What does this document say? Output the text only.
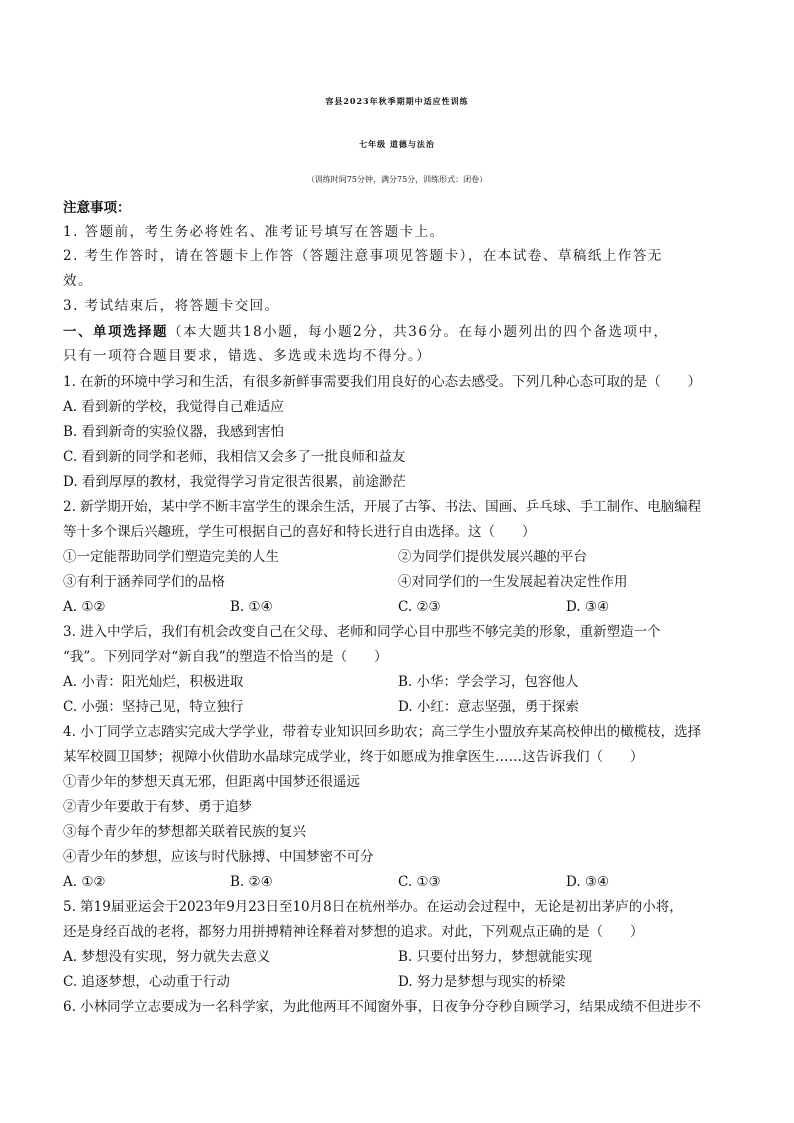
容县2023年秋季期期中适应性训练
七年级 道德与法治
（训练时间75分钟，满分75分，训练形式：闭卷）
注意事项：
1. 答题前，考生务必将姓名、准考证号填写在答题卡上。
2. 考生作答时，请在答题卡上作答（答题注意事项见答题卡），在本试卷、草稿纸上作答无
效。
3. 考试结束后，将答题卡交回。
一、单项选择题（本大题共18小题，每小题2分，共36分。在每小题列出的四个备选项中，
只有一项符合题目要求，错选、多选或未选均不得分。）
1. 在新的环境中学习和生活，有很多新鲜事需要我们用良好的心态去感受。下列几种心态可取的是（　　）
A. 看到新的学校，我觉得自己难适应
B. 看到新奇的实验仪器，我感到害怕
C. 看到新的同学和老师，我相信又会多了一批良师和益友
D. 看到厚厚的教材，我觉得学习肯定很苦很累，前途渺茫
2. 新学期开始，某中学不断丰富学生的课余生活，开展了古筝、书法、国画、乒乓球、手工制作、电脑编程
等十多个课后兴趣班，学生可根据自己的喜好和特长进行自由选择。这（　　）
①一定能帮助同学们塑造完美的人生	②为同学们提供发展兴趣的平台
③有利于涵养同学们的品格	④对同学们的一生发展起着决定性作用
A. ①②	B. ①④	C. ②③	D. ③④
3. 进入中学后，我们有机会改变自己在父母、老师和同学心目中那些不够完美的形象，重新塑造一个
“我”。下列同学对“新自我”的塑造不恰当的是（　　）
A. 小青：阳光灿烂，积极进取	B. 小华：学会学习，包容他人
C. 小强：坚持己见，特立独行	D. 小红：意志坚强，勇于探索
4. 小丁同学立志踏实完成大学学业，带着专业知识回乡助农；高三学生小盟放弃某高校伸出的橄榄枝，选择
某军校圆卫国梦；视障小伙借助水晶球完成学业，终于如愿成为推拿医生……这告诉我们（　　）
①青少年的梦想天真无邪，但距离中国梦还很遥远
②青少年要敢于有梦、勇于追梦
③每个青少年的梦想都关联着民族的复兴
④青少年的梦想，应该与时代脉搏、中国梦密不可分
A. ①②	B. ②④	C. ①③	D. ③④
5. 第19届亚运会于2023年9月23日至10月8日在杭州举办。在运动会过程中，无论是初出茅庐的小将，
还是身经百战的老将，都努力用拼搏精神诠释着对梦想的追求。对此，下列观点正确的是（　　）
A. 梦想没有实现，努力就失去意义	B. 只要付出努力，梦想就能实现
C. 追逐梦想，心动重于行动	D. 努力是梦想与现实的桥梁
6. 小林同学立志要成为一名科学家，为此他两耳不闻窗外事，日夜争分夺秒自顾学习，结果成绩不但进步不
